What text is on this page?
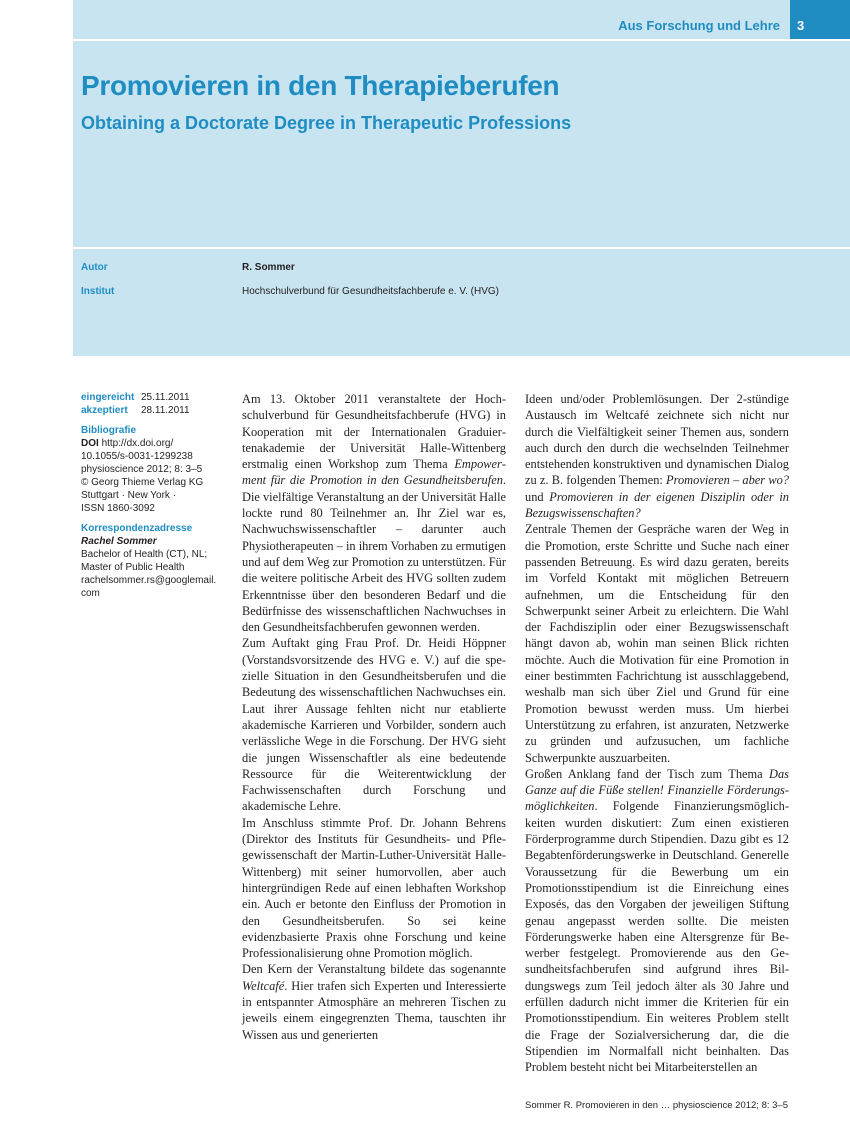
Aus Forschung und Lehre 3
Promovieren in den Therapieberufen
Obtaining a Doctorate Degree in Therapeutic Professions
Autor	R. Sommer
Institut	Hochschulverbund für Gesundheitsfachberufe e. V. (HVG)
eingereicht 25.11.2011
akzeptiert 28.11.2011
Bibliografie
DOI http://dx.doi.org/
10.1055/s-0031-1299238
physioscience 2012; 8: 3–5
© Georg Thieme Verlag KG
Stuttgart · New York ·
ISSN 1860-3092
Korrespondenzadresse
Rachel Sommer
Bachelor of Health (CT), NL;
Master of Public Health
rachelsommer.rs@googlemail.
com

Am 13. Oktober 2011 veranstaltete der Hochschulverbund für Gesundheitsfachberufe (HVG) in Kooperation mit der Internationalen Graduiertenakademie der Universität Halle-Wittenberg erstmalig einen Workshop zum Thema Empowerment für die Promotion in den Gesundheitsberufen. Die vielfältige Veranstaltung an der Universität Halle lockte rund 80 Teilnehmer an. Ihr Ziel war es, Nachwuchswissenschaftler – darunter auch Physiotherapeuten – in ihrem Vorhaben zu ermutigen und auf dem Weg zur Promotion zu unterstützen. Für die weitere politische Arbeit des HVG sollten zudem Erkenntnisse über den besonderen Bedarf und die Bedürfnisse des wissenschaftlichen Nachwuchses in den Gesundheitsfachberufen gewonnen werden.

Zum Auftakt ging Frau Prof. Dr. Heidi Höppner (Vorstandsvorsitzende des HVG e. V.) auf die spezielle Situation in den Gesundheitsberufen und die Bedeutung des wissenschaftlichen Nachwuchses ein. Laut ihrer Aussage fehlten nicht nur etablierte akademische Karrieren und Vorbilder, sondern auch verlässliche Wege in die Forschung. Der HVG sieht die jungen Wissenschaftler als eine bedeutende Ressource für die Weiterentwicklung der Fachwissenschaften durch Forschung und akademische Lehre.

Im Anschluss stimmte Prof. Dr. Johann Behrens (Direktor des Instituts für Gesundheits- und Pflegewissenschaft der Martin-Luther-Universität Halle-Wittenberg) mit seiner humorvollen, aber auch hintergründigen Rede auf einen lebhaften Workshop ein. Auch er betonte den Einfluss der Promotion in den Gesundheitsberufen. So sei keine evidenzbasierte Praxis ohne Forschung und keine Professionalisierung ohne Promotion möglich.

Den Kern der Veranstaltung bildete das sogenannte Weltcafé. Hier trafen sich Experten und Interessierte in entspannter Atmosphäre an mehreren Tischen zu jeweils einem eingegrenzten Thema, tauschten ihr Wissen aus und generierten

Ideen und/oder Problemlösungen. Der 2-stündige Austausch im Weltcafé zeichnete sich nicht nur durch die Vielfältigkeit seiner Themen aus, sondern auch durch den durch die wechselnden Teilnehmer entstehenden konstruktiven und dynamischen Dialog zu z. B. folgenden Themen: Promovieren – aber wo? und Promovieren in der eigenen Disziplin oder in Bezugswissenschaften?

Zentrale Themen der Gespräche waren der Weg in die Promotion, erste Schritte und Suche nach einer passenden Betreuung. Es wird dazu geraten, bereits im Vorfeld Kontakt mit möglichen Betreuern aufnehmen, um die Entscheidung für den Schwerpunkt seiner Arbeit zu erleichtern. Die Wahl der Fachdisziplin oder einer Bezugswissenschaft hängt davon ab, wohin man seinen Blick richten möchte. Auch die Motivation für eine Promotion in einer bestimmten Fachrichtung ist ausschlaggebend, weshalb man sich über Ziel und Grund für eine Promotion bewusst werden muss. Um hierbei Unterstützung zu erfahren, ist anzuraten, Netzwerke zu gründen und aufzusuchen, um fachliche Schwerpunkte auszuarbeiten.

Großen Anklang fand der Tisch zum Thema Das Ganze auf die Füße stellen! Finanzielle Förderungsmöglichkeiten. Folgende Finanzierungsmöglichkeiten wurden diskutiert: Zum einen existieren Förderprogramme durch Stipendien. Dazu gibt es 12 Begabtenförderungswerke in Deutschland. Generelle Voraussetzung für die Bewerbung um ein Promotionsstipendium ist die Einreichung eines Exposés, das den Vorgaben der jeweiligen Stiftung genau angepasst werden sollte. Die meisten Förderungswerke haben eine Altersgrenze für Bewerber festgelegt. Promovierende aus den Gesundheitsfachberufen sind aufgrund ihres Bildungswegs zum Teil jedoch älter als 30 Jahre und erfüllen dadurch nicht immer die Kriterien für ein Promotionsstipendium. Ein weiteres Problem stellt die Frage der Sozialversicherung dar, die die Stipendien im Normalfall nicht beinhalten. Das Problem besteht nicht bei Mitarbeiterstellen an

Sommer R. Promovieren in den … physioscience 2012; 8: 3–5
